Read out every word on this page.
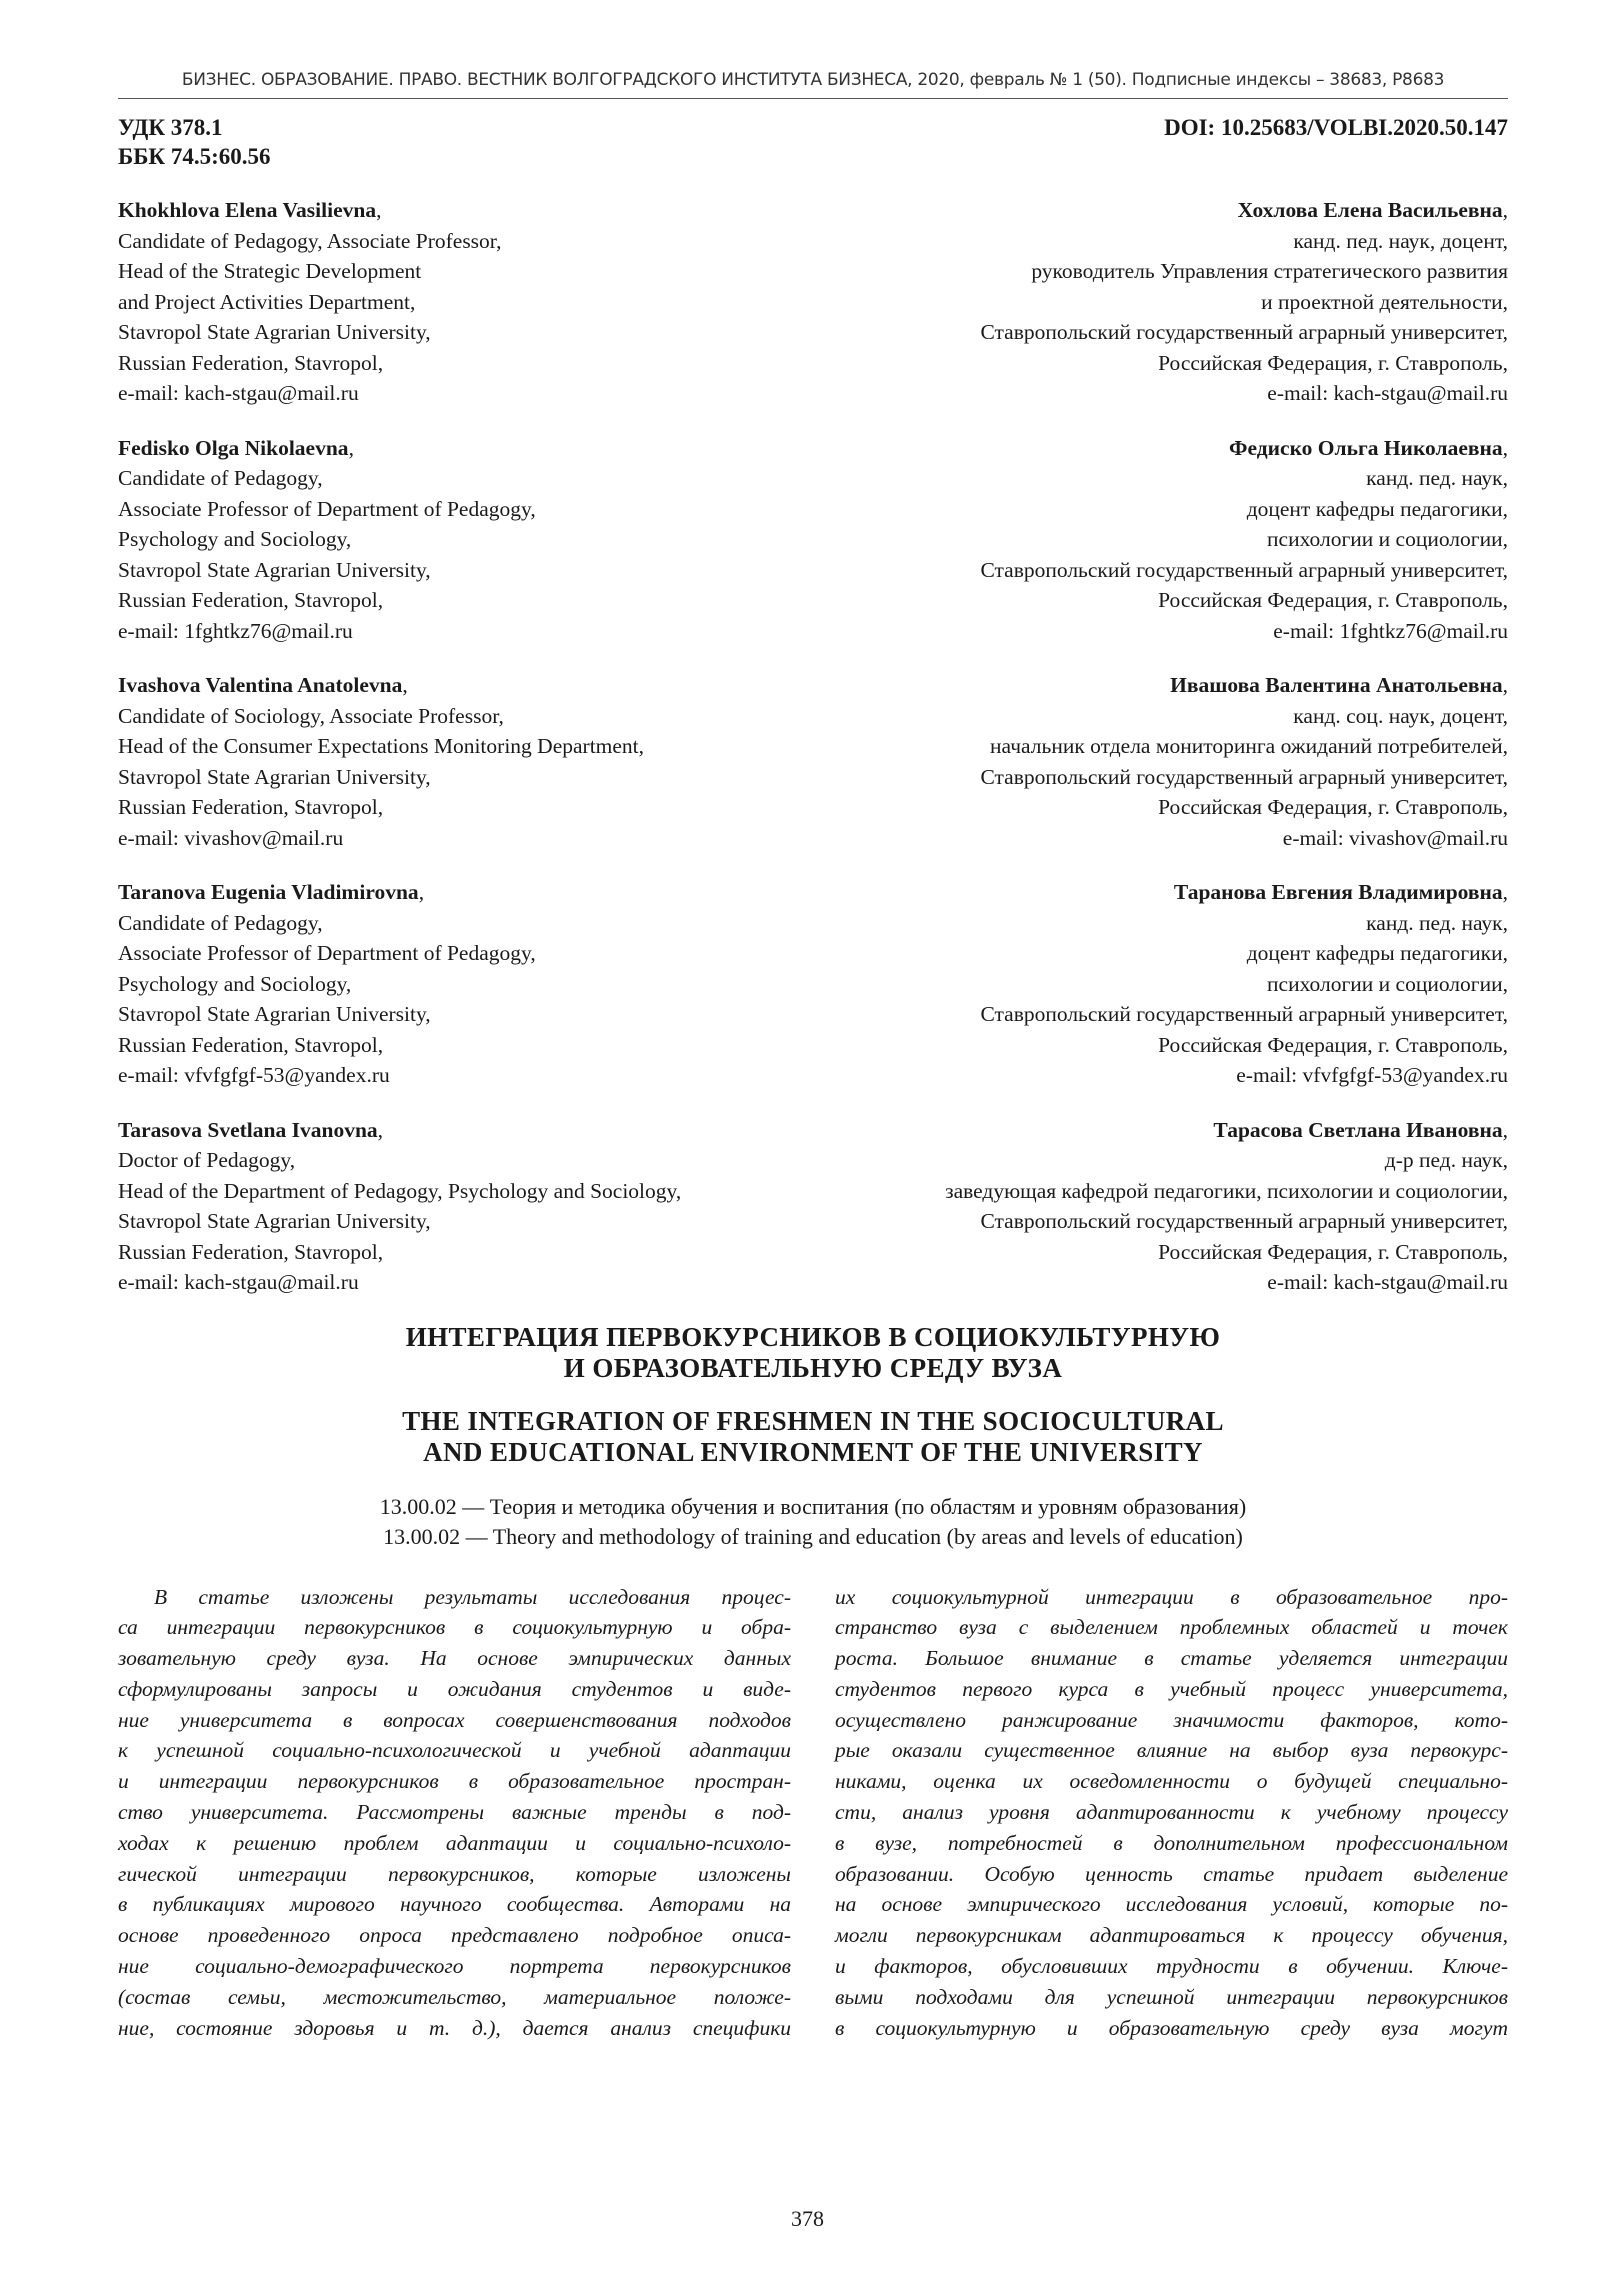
БИЗНЕС. ОБРАЗОВАНИЕ. ПРАВО. ВЕСТНИК ВОЛГОГРАДСКОГО ИНСТИТУТА БИЗНЕСА, 2020, февраль № 1 (50). Подписные индексы – 38683, P8683
УДК 378.1
ББК 74.5:60.56
DOI: 10.25683/VOLBI.2020.50.147
Khokhlova Elena Vasilievna,
Candidate of Pedagogy, Associate Professor,
Head of the Strategic Development
and Project Activities Department,
Stavropol State Agrarian University,
Russian Federation, Stavropol,
e-mail: kach-stgau@mail.ru
Хохлова Елена Васильевна,
канд. пед. наук, доцент,
руководитель Управления стратегического развития
и проектной деятельности,
Ставропольский государственный аграрный университет,
Российская Федерация, г. Ставрополь,
e-mail: kach-stgau@mail.ru
Fedisko Olga Nikolaevna,
Candidate of Pedagogy,
Associate Professor of Department of Pedagogy,
Psychology and Sociology,
Stavropol State Agrarian University,
Russian Federation, Stavropol,
e-mail: 1fghtkz76@mail.ru
Федиско Ольга Николаевна,
канд. пед. наук,
доцент кафедры педагогики,
психологии и социологии,
Ставропольский государственный аграрный университет,
Российская Федерация, г. Ставрополь,
e-mail: 1fghtkz76@mail.ru
Ivashova Valentina Anatolevna,
Candidate of Sociology, Associate Professor,
Head of the Consumer Expectations Monitoring Department,
Stavropol State Agrarian University,
Russian Federation, Stavropol,
e-mail: vivashov@mail.ru
Ивашова Валентина Анатольевна,
канд. соц. наук, доцент,
начальник отдела мониторинга ожиданий потребителей,
Ставропольский государственный аграрный университет,
Российская Федерация, г. Ставрополь,
e-mail: vivashov@mail.ru
Taranova Eugenia Vladimirovna,
Candidate of Pedagogy,
Associate Professor of Department of Pedagogy,
Psychology and Sociology,
Stavropol State Agrarian University,
Russian Federation, Stavropol,
e-mail: vfvfgfgf-53@yandex.ru
Таранова Евгения Владимировна,
канд. пед. наук,
доцент кафедры педагогики,
психологии и социологии,
Ставропольский государственный аграрный университет,
Российская Федерация, г. Ставрополь,
e-mail: vfvfgfgf-53@yandex.ru
Tarasova Svetlana Ivanovna,
Doctor of Pedagogy,
Head of the Department of Pedagogy, Psychology and Sociology,
Stavropol State Agrarian University,
Russian Federation, Stavropol,
e-mail: kach-stgau@mail.ru
Тарасова Светлана Ивановна,
д-р пед. наук,
заведующая кафедрой педагогики, психологии и социологии,
Ставропольский государственный аграрный университет,
Российская Федерация, г. Ставрополь,
e-mail: kach-stgau@mail.ru
ИНТЕГРАЦИЯ ПЕРВОКУРСНИКОВ В СОЦИОКУЛЬТУРНУЮ
И ОБРАЗОВАТЕЛЬНУЮ СРЕДУ ВУЗА
THE INTEGRATION OF FRESHMEN IN THE SOCIOCULTURAL
AND EDUCATIONAL ENVIRONMENT OF THE UNIVERSITY
13.00.02 — Теория и методика обучения и воспитания (по областям и уровням образования)
13.00.02 — Theory and methodology of training and education (by areas and levels of education)
В статье изложены результаты исследования процес-
са интеграции первокурсников в социокультурную и обра-
зовательную среду вуза. На основе эмпирических данных
сформулированы запросы и ожидания студентов и виде-
ние университета в вопросах совершенствования подходов
к успешной социально-психологической и учебной адаптации
и интеграции первокурсников в образовательное простран-
ство университета. Рассмотрены важные тренды в под-
ходах к решению проблем адаптации и социально-психоло-
гической интеграции первокурсников, которые изложены
в публикациях мирового научного сообщества. Авторами на
основе проведенного опроса представлено подробное описа-
ние социально-демографического портрета первокурсников
(состав семьи, местожительство, материальное положе-
ние, состояние здоровья и т. д.), дается анализ специфики
их социокультурной интеграции в образовательное про-
странство вуза с выделением проблемных областей и точек
роста. Большое внимание в статье уделяется интеграции
студентов первого курса в учебный процесс университета,
осуществлено ранжирование значимости факторов, кото-
рые оказали существенное влияние на выбор вуза первокурс-
никами, оценка их осведомленности о будущей специально-
сти, анализ уровня адаптированности к учебному процессу
в вузе, потребностей в дополнительном профессиональном
образовании. Особую ценность статье придает выделение
на основе эмпирического исследования условий, которые по-
могли первокурсникам адаптироваться к процессу обучения,
и факторов, обусловивших трудности в обучении. Ключе-
выми подходами для успешной интеграции первокурсников
в социокультурную и образовательную среду вуза могут
378
